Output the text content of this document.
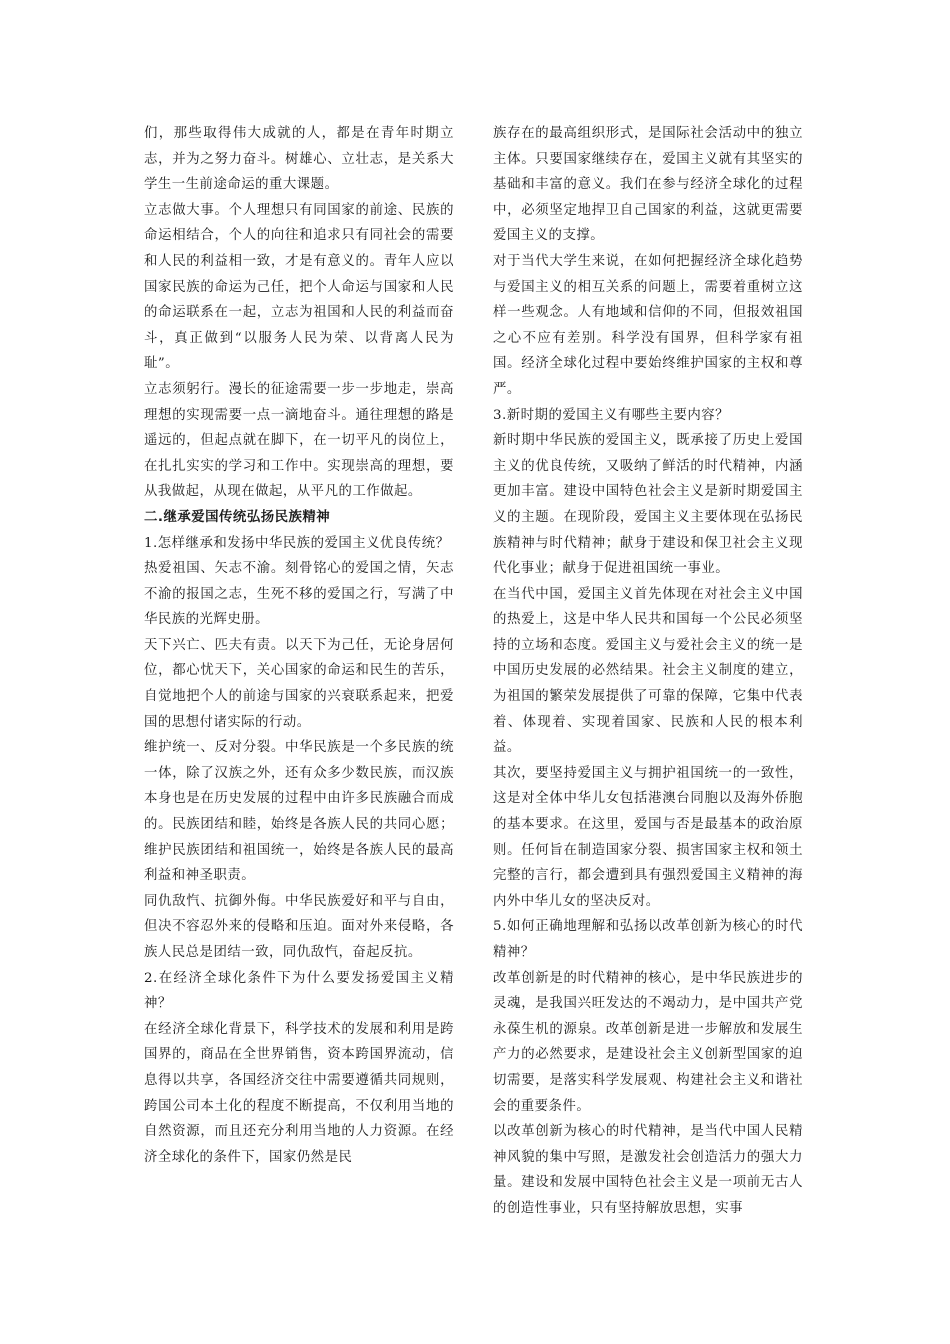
们，那些取得伟大成就的人，都是在青年时期立志，并为之努力奋斗。树雄心、立壮志，是关系大学生一生前途命运的重大课题。

立志做大事。个人理想只有同国家的前途、民族的命运相结合，个人的向往和追求只有同社会的需要和人民的利益相一致，才是有意义的。青年人应以国家民族的命运为己任，把个人命运与国家和人民的命运联系在一起，立志为祖国和人民的利益而奋斗，真正做到“以服务人民为荣、以背离人民为耻”。

立志须躬行。漫长的征途需要一步一步地走，崇高理想的实现需要一点一滴地奋斗。通往理想的路是遥远的，但起点就在脚下，在一切平凡的岗位上，在扎扎实实的学习和工作中。实现崇高的理想，要从我做起，从现在做起，从平凡的工作做起。

二.继承爱国传统弘扬民族精神

1.怎样继承和发扬中华民族的爱国主义优良传统？

热爱祖国、矢志不渝。刻骨铭心的爱国之情，矢志不渝的报国之志，生死不移的爱国之行，写满了中华民族的光辉史册。

天下兴亡、匹夫有责。以天下为己任，无论身居何位，都心忧天下，关心国家的命运和民生的苦乐，自觉地把个人的前途与国家的兴衰联系起来，把爱国的思想付诸实际的行动。

维护统一、反对分裂。中华民族是一个多民族的统一体，除了汉族之外，还有众多少数民族，而汉族本身也是在历史发展的过程中由许多民族融合而成的。民族团结和睦，始终是各族人民的共同心愿；维护民族团结和祖国统一，始终是各族人民的最高利益和神圣职责。

同仇敌忾、抗御外侮。中华民族爱好和平与自由，但决不容忍外来的侵略和压迫。面对外来侵略，各族人民总是团结一致，同仇敌忾，奋起反抗。

2.在经济全球化条件下为什么要发扬爱国主义精神？

在经济全球化背景下，科学技术的发展和利用是跨国界的，商品在全世界销售，资本跨国界流动，信息得以共享，各国经济交往中需要遵循共同规则，跨国公司本土化的程度不断提高，不仅利用当地的自然资源，而且还充分利用当地的人力资源。在经济全球化的条件下，国家仍然是民

族存在的最高组织形式，是国际社会活动中的独立主体。只要国家继续存在，爱国主义就有其坚实的基础和丰富的意义。我们在参与经济全球化的过程中，必须坚定地捍卫自己国家的利益，这就更需要爱国主义的支撑。

对于当代大学生来说，在如何把握经济全球化趋势与爱国主义的相互关系的问题上，需要着重树立这样一些观念。人有地域和信仰的不同，但报效祖国之心不应有差别。科学没有国界，但科学家有祖国。经济全球化过程中要始终维护国家的主权和尊严。

3.新时期的爱国主义有哪些主要内容？

新时期中华民族的爱国主义，既承接了历史上爱国主义的优良传统，又吸纳了鲜活的时代精神，内涵更加丰富。建设中国特色社会主义是新时期爱国主义的主题。在现阶段，爱国主义主要体现在弘扬民族精神与时代精神；献身于建设和保卫社会主义现代化事业；献身于促进祖国统一事业。

在当代中国，爱国主义首先体现在对社会主义中国的热爱上，这是中华人民共和国每一个公民必须坚持的立场和态度。爱国主义与爱社会主义的统一是中国历史发展的必然结果。社会主义制度的建立，为祖国的繁荣发展提供了可靠的保障，它集中代表着、体现着、实现着国家、民族和人民的根本利益。

其次，要坚持爱国主义与拥护祖国统一的一致性，这是对全体中华儿女包括港澳台同胞以及海外侨胞的基本要求。在这里，爱国与否是最基本的政治原则。任何旨在制造国家分裂、损害国家主权和领土完整的言行，都会遭到具有强烈爱国主义精神的海内外中华儿女的坚决反对。

5.如何正确地理解和弘扬以改革创新为核心的时代精神？

改革创新是的时代精神的核心，是中华民族进步的灵魂，是我国兴旺发达的不竭动力，是中国共产党永葆生机的源泉。改革创新是进一步解放和发展生产力的必然要求，是建设社会主义创新型国家的迫切需要，是落实科学发展观、构建社会主义和谐社会的重要条件。

以改革创新为核心的时代精神，是当代中国人民精神风貌的集中写照，是激发社会创造活力的强大力量。建设和发展中国特色社会主义是一项前无古人的创造性事业，只有坚持解放思想，实事
